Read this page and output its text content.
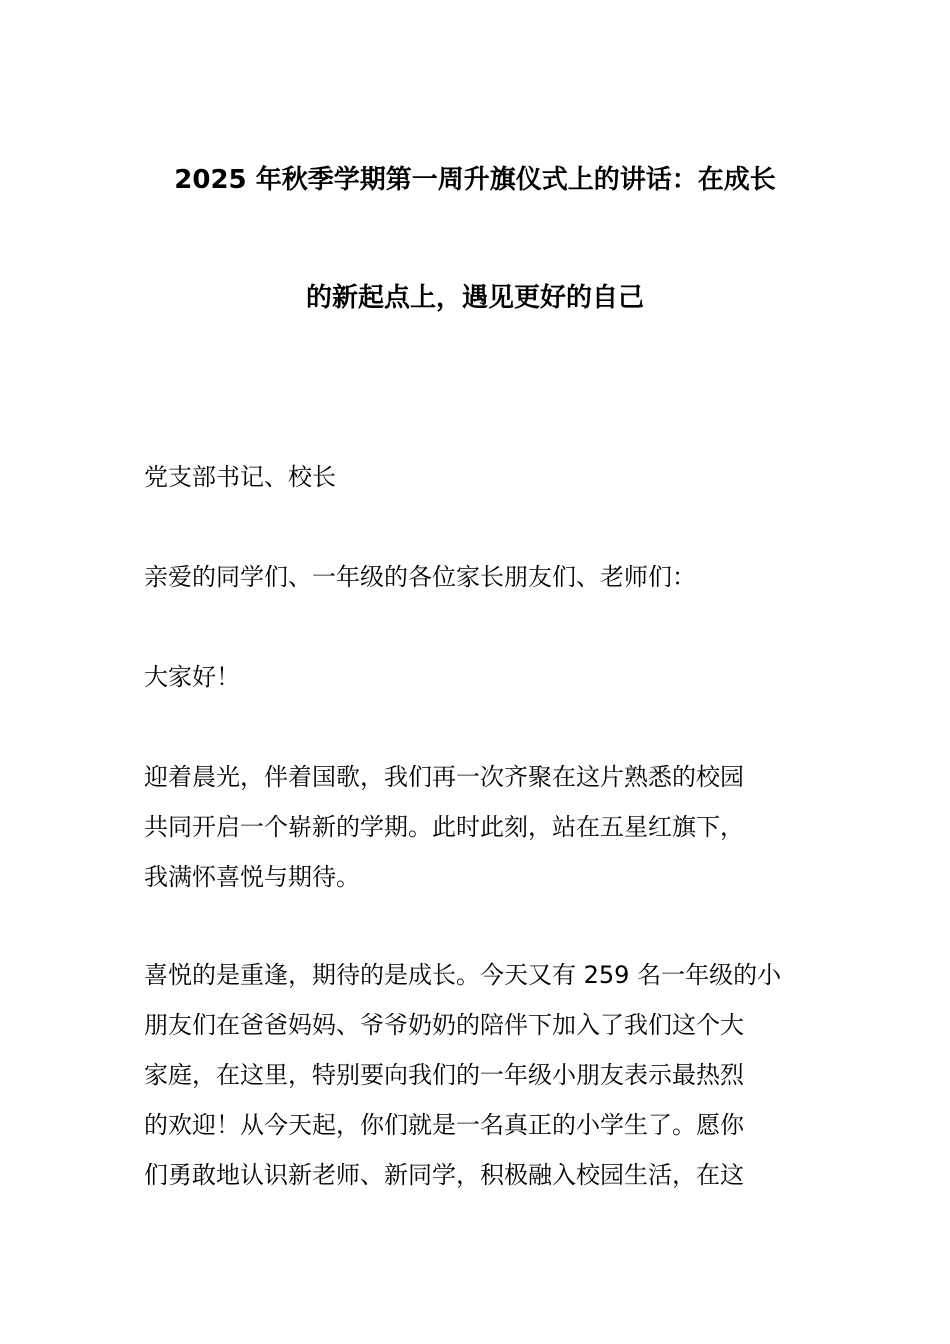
2025 年秋季学期第一周升旗仪式上的讲话：在成长
的新起点上，遇见更好的自己
党支部书记、校长
亲爱的同学们、一年级的各位家长朋友们、老师们：
大家好！
迎着晨光，伴着国歌，我们再一次齐聚在这片熟悉的校园
共同开启一个崭新的学期。此时此刻，站在五星红旗下，
我满怀喜悦与期待。
喜悦的是重逢，期待的是成长。今天又有 259 名一年级的小
朋友们在爸爸妈妈、爷爷奶奶的陪伴下加入了我们这个大
家庭，在这里，特别要向我们的一年级小朋友表示最热烈
的欢迎！从今天起，你们就是一名真正的小学生了。愿你
们勇敢地认识新老师、新同学，积极融入校园生活，在这
